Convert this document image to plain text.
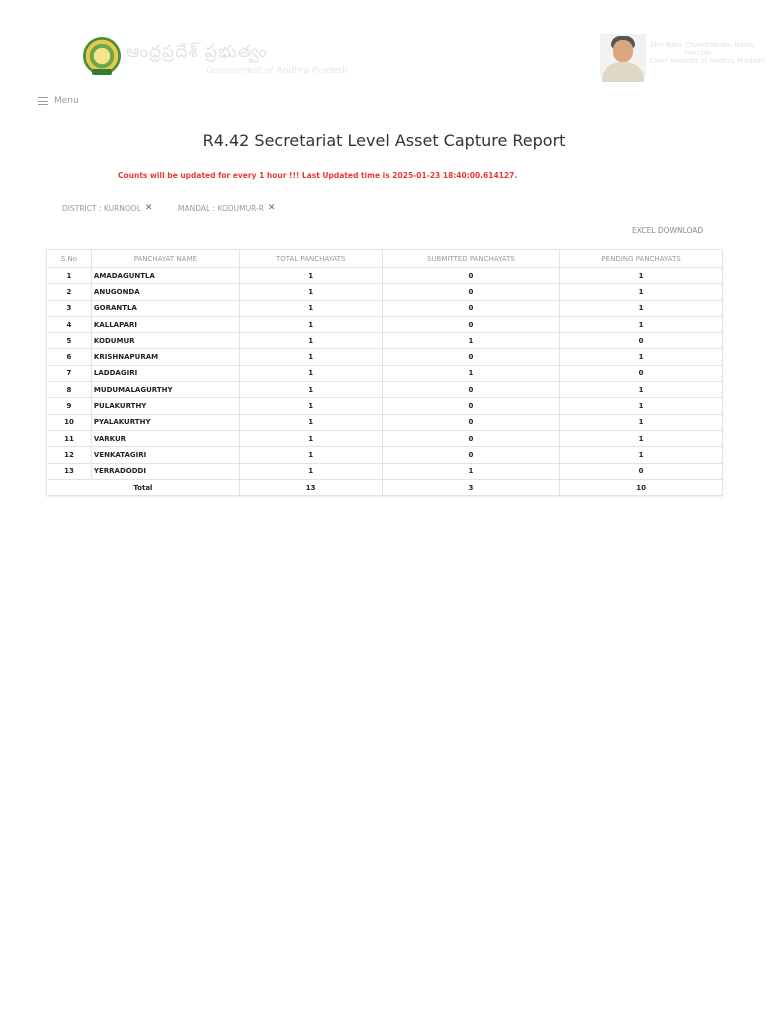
ఆంధ్రప్రదేశ్ ప్రభుత్వం
Government of Andhra Pradesh
Shri Nara Chandrababu Naidu
Hon'ble
Chief Minister of Andhra Pradesh
Menu
R4.42 Secretariat Level Asset Capture Report
Counts will be updated for every 1 hour !!! Last Updated time is 2025-01-23 18:40:00.614127.
DISTRICT : KURNOOL ✕	MANDAL : KODUMUR-R ✕
EXCEL DOWNLOAD
S.No	PANCHAYAT NAME	TOTAL PANCHAYATS	SUBMITTED PANCHAYATS	PENDING PANCHAYATS
1	AMADAGUNTLA	1	0	1
2	ANUGONDA	1	0	1
3	GORANTLA	1	0	1
4	KALLAPARI	1	0	1
5	KODUMUR	1	1	0
6	KRISHNAPURAM	1	0	1
7	LADDAGIRI	1	1	0
8	MUDUMALAGURTHY	1	0	1
9	PULAKURTHY	1	0	1
10	PYALAKURTHY	1	0	1
11	VARKUR	1	0	1
12	VENKATAGIRI	1	0	1
13	YERRADODDI	1	1	0
Total		13	3	10
